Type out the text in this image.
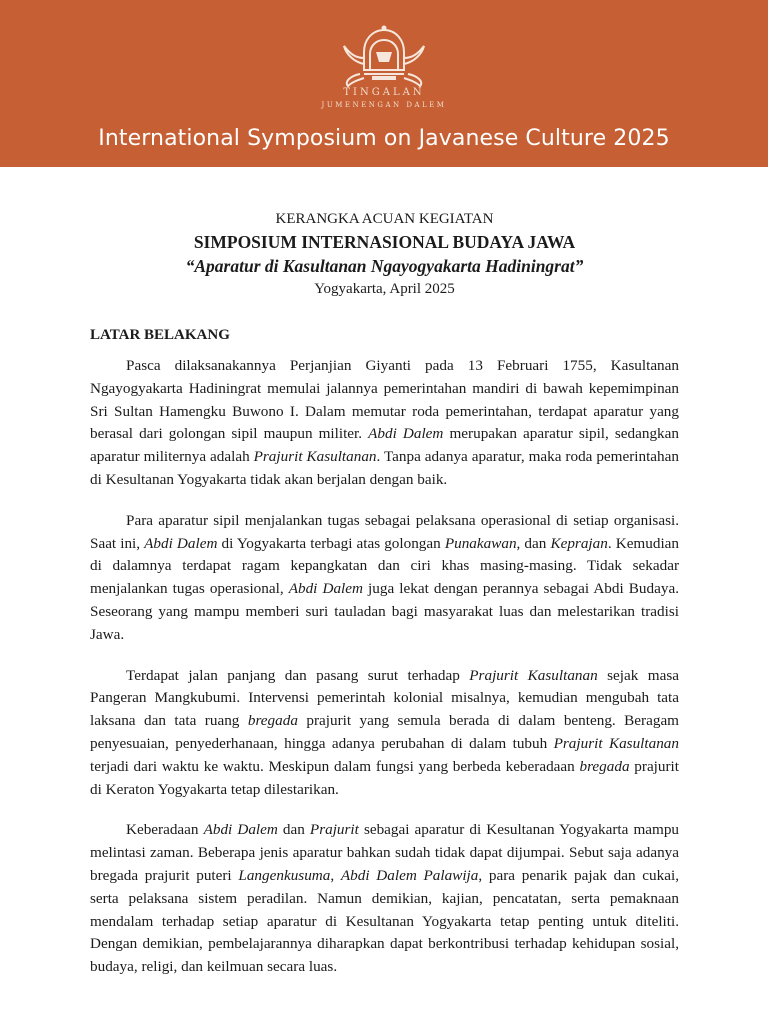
TINGALAN
JUMENENGAN DALEM
International Symposium on Javanese Culture 2025
KERANGKA ACUAN KEGIATAN
SIMPOSIUM INTERNASIONAL BUDAYA JAWA
“Aparatur di Kasultanan Ngayogyakarta Hadiningrat”
Yogyakarta, April 2025
LATAR BELAKANG

Pasca dilaksanakannya Perjanjian Giyanti pada 13 Februari 1755, Kasultanan Ngayogyakarta Hadiningrat memulai jalannya pemerintahan mandiri di bawah kepemimpinan Sri Sultan Hamengku Buwono I. Dalam memutar roda pemerintahan, terdapat aparatur yang berasal dari golongan sipil maupun militer. Abdi Dalem merupakan aparatur sipil, sedangkan aparatur militernya adalah Prajurit Kasultanan. Tanpa adanya aparatur, maka roda pemerintahan di Kesultanan Yogyakarta tidak akan berjalan dengan baik.

Para aparatur sipil menjalankan tugas sebagai pelaksana operasional di setiap organisasi. Saat ini, Abdi Dalem di Yogyakarta terbagi atas golongan Punakawan, dan Keprajan. Kemudian di dalamnya terdapat ragam kepangkatan dan ciri khas masing-masing. Tidak sekadar menjalankan tugas operasional, Abdi Dalem juga lekat dengan perannya sebagai Abdi Budaya. Seseorang yang mampu memberi suri tauladan bagi masyarakat luas dan melestarikan tradisi Jawa.

Terdapat jalan panjang dan pasang surut terhadap Prajurit Kasultanan sejak masa Pangeran Mangkubumi. Intervensi pemerintah kolonial misalnya, kemudian mengubah tata laksana dan tata ruang bregada prajurit yang semula berada di dalam benteng. Beragam penyesuaian, penyederhanaan, hingga adanya perubahan di dalam tubuh Prajurit Kasultanan terjadi dari waktu ke waktu. Meskipun dalam fungsi yang berbeda keberadaan bregada prajurit di Keraton Yogyakarta tetap dilestarikan.

Keberadaan Abdi Dalem dan Prajurit sebagai aparatur di Kesultanan Yogyakarta mampu melintasi zaman. Beberapa jenis aparatur bahkan sudah tidak dapat dijumpai. Sebut saja adanya bregada prajurit puteri Langenkusuma, Abdi Dalem Palawija, para penarik pajak dan cukai, serta pelaksana sistem peradilan. Namun demikian, kajian, pencatatan, serta pemaknaan mendalam terhadap setiap aparatur di Kesultanan Yogyakarta tetap penting untuk diteliti. Dengan demikian, pembelajarannya diharapkan dapat berkontribusi terhadap kehidupan sosial, budaya, religi, dan keilmuan secara luas.
